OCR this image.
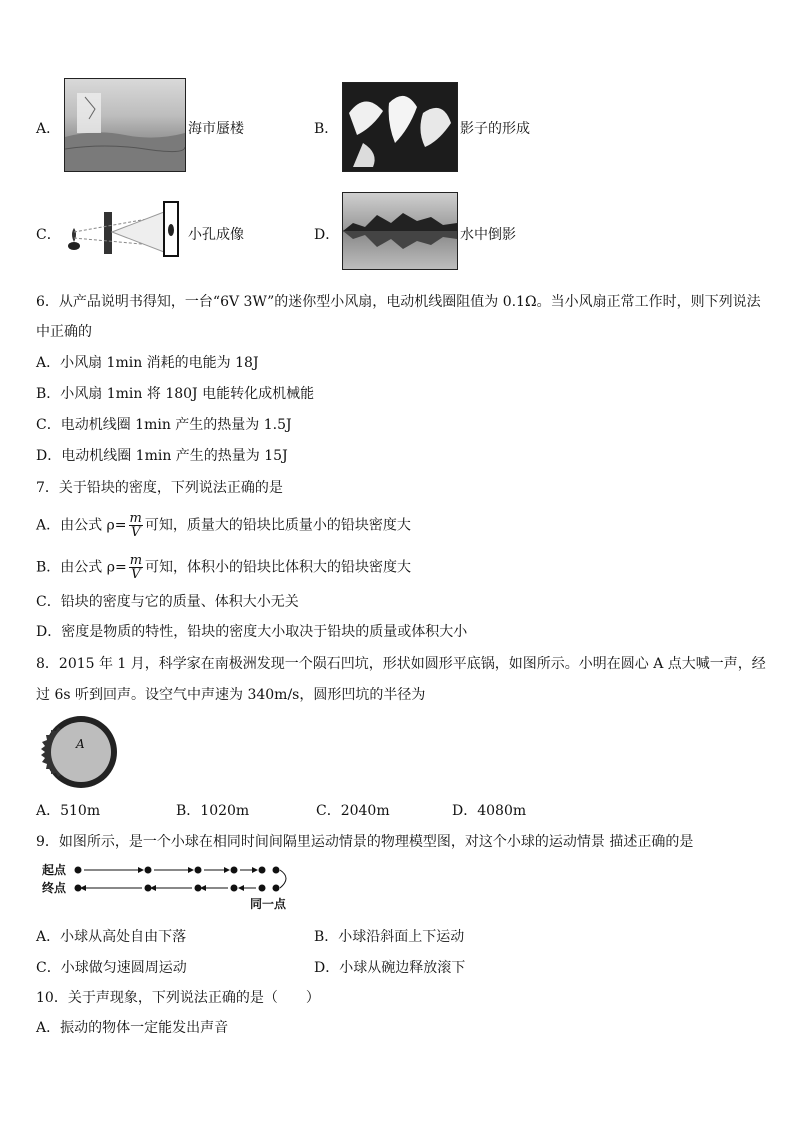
A．	海市蜃楼	B．	影子的形成
C．	小孔成像	D．	水中倒影
6．从产品说明书得知，一台“6V 3W”的迷你型小风扇，电动机线圈阻值为 0.1Ω。当小风扇正常工作时，则下列说法
中正确的
A．小风扇 1min 消耗的电能为 18J
B．小风扇 1min 将 180J 电能转化成机械能
C．电动机线圈 1min 产生的热量为 1.5J
D．电动机线圈 1min 产生的热量为 15J
7．关于铅块的密度，下列说法正确的是
A．由公式 $\rho= \frac{m}{V}$ 可知，质量大的铅块比质量小的铅块密度大
B．由公式 $\rho= \frac{m}{V}$ 可知，体积小的铅块比体积大的铅块密度大
C．铅块的密度与它的质量、体积大小无关
D．密度是物质的特性，铅块的密度大小取决于铅块的质量或体积大小
8．2015 年 1 月，科学家在南极洲发现一个陨石凹坑，形状如圆形平底锅，如图所示。小明在圆心 A 点大喊一声，经
过 6s 听到回声。设空气中声速为 340m/s，圆形凹坑的半径为
A
A．510m	B．1020m	C．2040m	D．4080m
9．如图所示，是一个小球在相同时间间隔里运动情景的物理模型图，对这个小球的运动情景 描述正确的是
起点
终点
同一点
A．小球从高处自由下落	B．小球沿斜面上下运动
C．小球做匀速圆周运动	D．小球从碗边释放滚下
10．关于声现象，下列说法正确的是（　　）
A．振动的物体一定能发出声音
